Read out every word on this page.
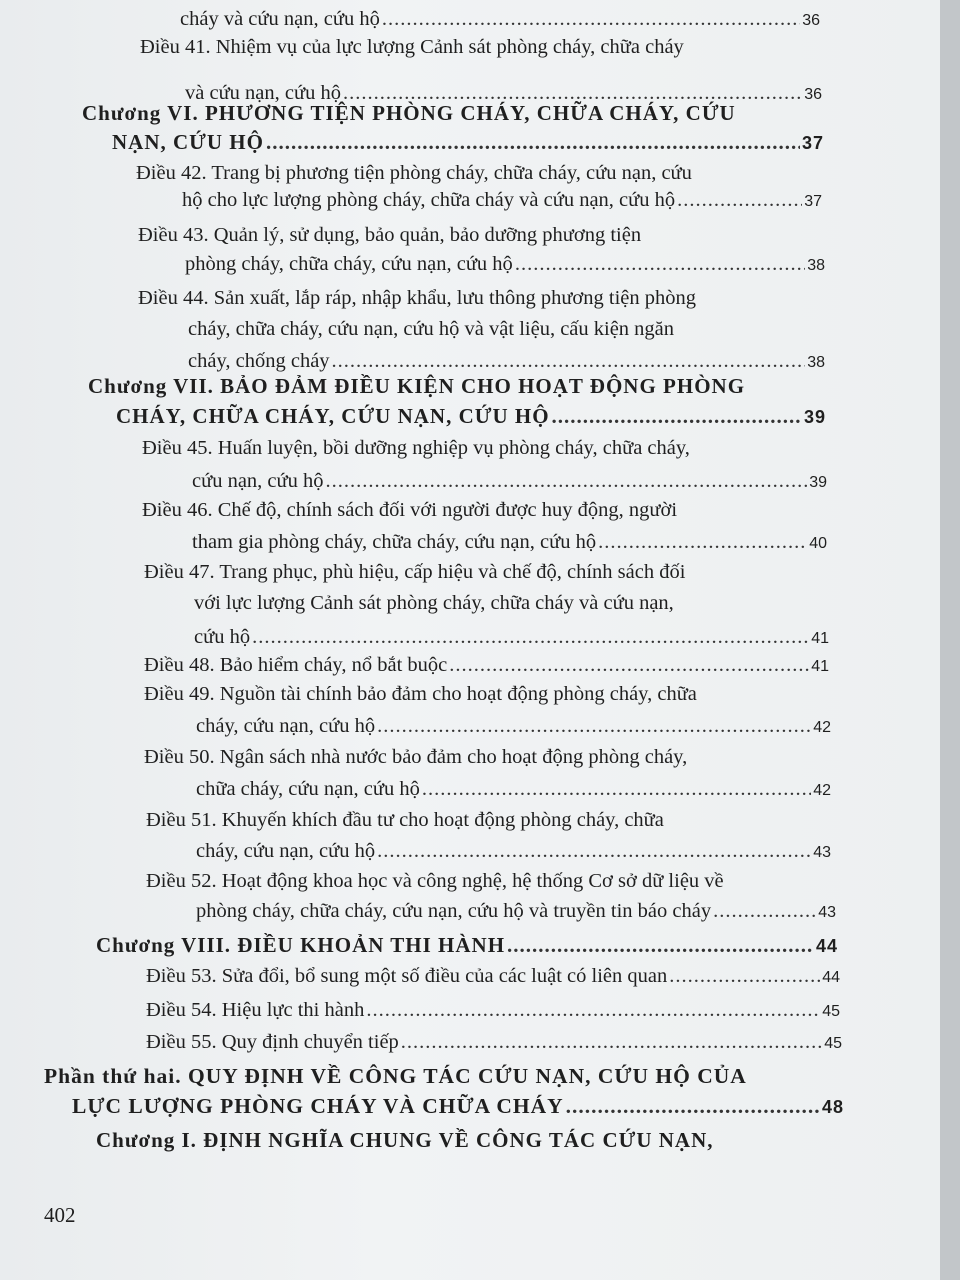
cháy và cứu nạn, cứu hộ .....	36
Điều 41. Nhiệm vụ của lực lượng Cảnh sát phòng cháy, chữa cháy
và cứu nạn, cứu hộ .....	36
Chương VI. PHƯƠNG TIỆN PHÒNG CHÁY, CHỮA CHÁY, CỨU
NẠN, CỨU HỘ .....	37
Điều 42. Trang bị phương tiện phòng cháy, chữa cháy, cứu nạn, cứu
hộ cho lực lượng phòng cháy, chữa cháy và cứu nạn, cứu hộ .....	37
Điều 43. Quản lý, sử dụng, bảo quản, bảo dưỡng phương tiện
phòng cháy, chữa cháy, cứu nạn, cứu hộ .....	38
Điều 44. Sản xuất, lắp ráp, nhập khẩu, lưu thông phương tiện phòng
cháy, chữa cháy, cứu nạn, cứu hộ và vật liệu, cấu kiện ngăn
cháy, chống cháy .....	38
Chương VII. BẢO ĐẢM ĐIỀU KIỆN CHO HOẠT ĐỘNG PHÒNG
CHÁY, CHỮA CHÁY, CỨU NẠN, CỨU HỘ .....	39
Điều 45. Huấn luyện, bồi dưỡng nghiệp vụ phòng cháy, chữa cháy,
cứu nạn, cứu hộ .....	39
Điều 46. Chế độ, chính sách đối với người được huy động, người
tham gia phòng cháy, chữa cháy, cứu nạn, cứu hộ .....	40
Điều 47. Trang phục, phù hiệu, cấp hiệu và chế độ, chính sách đối
với lực lượng Cảnh sát phòng cháy, chữa cháy và cứu nạn,
cứu hộ .....	41
Điều 48. Bảo hiểm cháy, nổ bắt buộc .....	41
Điều 49. Nguồn tài chính bảo đảm cho hoạt động phòng cháy, chữa
cháy, cứu nạn, cứu hộ .....	42
Điều 50. Ngân sách nhà nước bảo đảm cho hoạt động phòng cháy,
chữa cháy, cứu nạn, cứu hộ .....	42
Điều 51. Khuyến khích đầu tư cho hoạt động phòng cháy, chữa
cháy, cứu nạn, cứu hộ .....	43
Điều 52. Hoạt động khoa học và công nghệ, hệ thống Cơ sở dữ liệu về
phòng cháy, chữa cháy, cứu nạn, cứu hộ và truyền tin báo cháy .....	43
Chương VIII. ĐIỀU KHOẢN THI HÀNH .....	44
Điều 53. Sửa đổi, bổ sung một số điều của các luật có liên quan .....	44
Điều 54. Hiệu lực thi hành .....	45
Điều 55. Quy định chuyển tiếp .....	45
Phần thứ hai. QUY ĐỊNH VỀ CÔNG TÁC CỨU NẠN, CỨU HỘ CỦA
LỰC LƯỢNG PHÒNG CHÁY VÀ CHỮA CHÁY .....	48
Chương I. ĐỊNH NGHĨA CHUNG VỀ CÔNG TÁC CỨU NẠN,
402
